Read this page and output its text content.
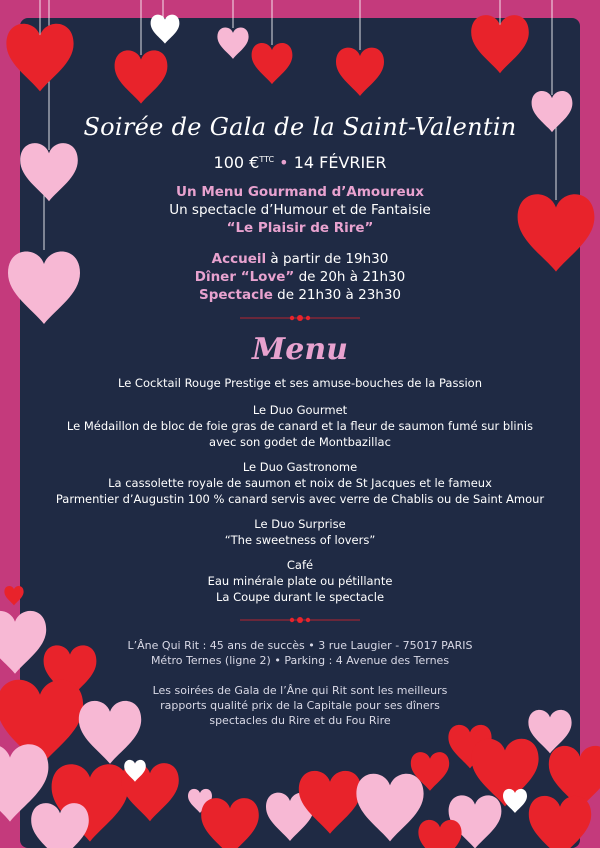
Soirée de Gala de la Saint-Valentin
100 €$^{TTC}$ • 14 FÉVRIER
Un Menu Gourmand d’Amoureux
Un spectacle d’Humour et de Fantaisie
“Le Plaisir de Rire”
Accueil à partir de 19h30
Dîner “Love” de 20h à 21h30
Spectacle de 21h30 à 23h30
Menu
Le Cocktail Rouge Prestige et ses amuse-bouches de la Passion
Le Duo Gourmet
Le Médaillon de bloc de foie gras de canard et la fleur de saumon fumé sur blinis
avec son godet de Montbazillac
Le Duo Gastronome
La cassolette royale de saumon et noix de St Jacques et le fameux
Parmentier d’Augustin 100 % canard servis avec verre de Chablis ou de Saint Amour
Le Duo Surprise
“The sweetness of lovers”
Café
Eau minérale plate ou pétillante
La Coupe durant le spectacle
L’Âne Qui Rit : 45 ans de succès • 3 rue Laugier - 75017 PARIS
Métro Ternes (ligne 2) • Parking : 4 Avenue des Ternes
Les soirées de Gala de l’Âne qui Rit sont les meilleurs
rapports qualité prix de la Capitale pour ses dîners
spectacles du Rire et du Fou Rire
